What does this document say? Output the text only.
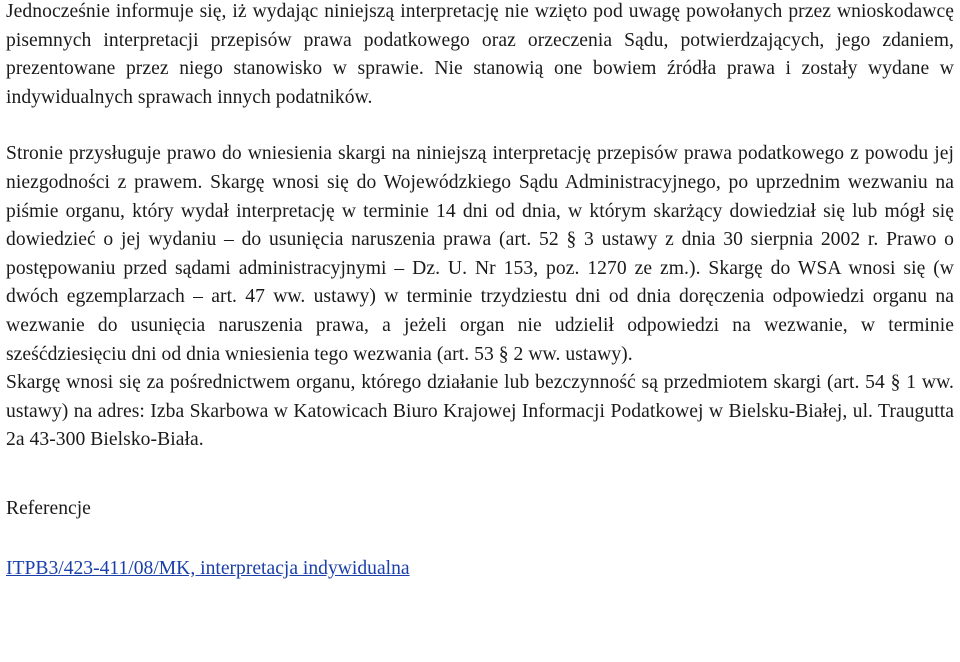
Jednocześnie informuje się, iż wydając niniejszą interpretację nie wzięto pod uwagę powołanych przez wnioskodawcę pisemnych interpretacji przepisów prawa podatkowego oraz orzeczenia Sądu, potwierdzających, jego zdaniem, prezentowane przez niego stanowisko w sprawie. Nie stanowią one bowiem źródła prawa i zostały wydane w indywidualnych sprawach innych podatników.

Stronie przysługuje prawo do wniesienia skargi na niniejszą interpretację przepisów prawa podatkowego z powodu jej niezgodności z prawem. Skargę wnosi się do Wojewódzkiego Sądu Administracyjnego, po uprzednim wezwaniu na piśmie organu, który wydał interpretację w terminie 14 dni od dnia, w którym skarżący dowiedział się lub mógł się dowiedzieć o jej wydaniu – do usunięcia naruszenia prawa (art. 52 § 3 ustawy z dnia 30 sierpnia 2002 r. Prawo o postępowaniu przed sądami administracyjnymi – Dz. U. Nr 153, poz. 1270 ze zm.). Skargę do WSA wnosi się (w dwóch egzemplarzach – art. 47 ww. ustawy) w terminie trzydziestu dni od dnia doręczenia odpowiedzi organu na wezwanie do usunięcia naruszenia prawa, a jeżeli organ nie udzielił odpowiedzi na wezwanie, w terminie sześćdziesięciu dni od dnia wniesienia tego wezwania (art. 53 § 2 ww. ustawy).

Skargę wnosi się za pośrednictwem organu, którego działanie lub bezczynność są przedmiotem skargi (art. 54 § 1 ww. ustawy) na adres: Izba Skarbowa w Katowicach Biuro Krajowej Informacji Podatkowej w Bielsku-Białej, ul. Traugutta 2a 43-300 Bielsko-Biała.

Referencje
ITPB3/423-411/08/MK, interpretacja indywidualna
